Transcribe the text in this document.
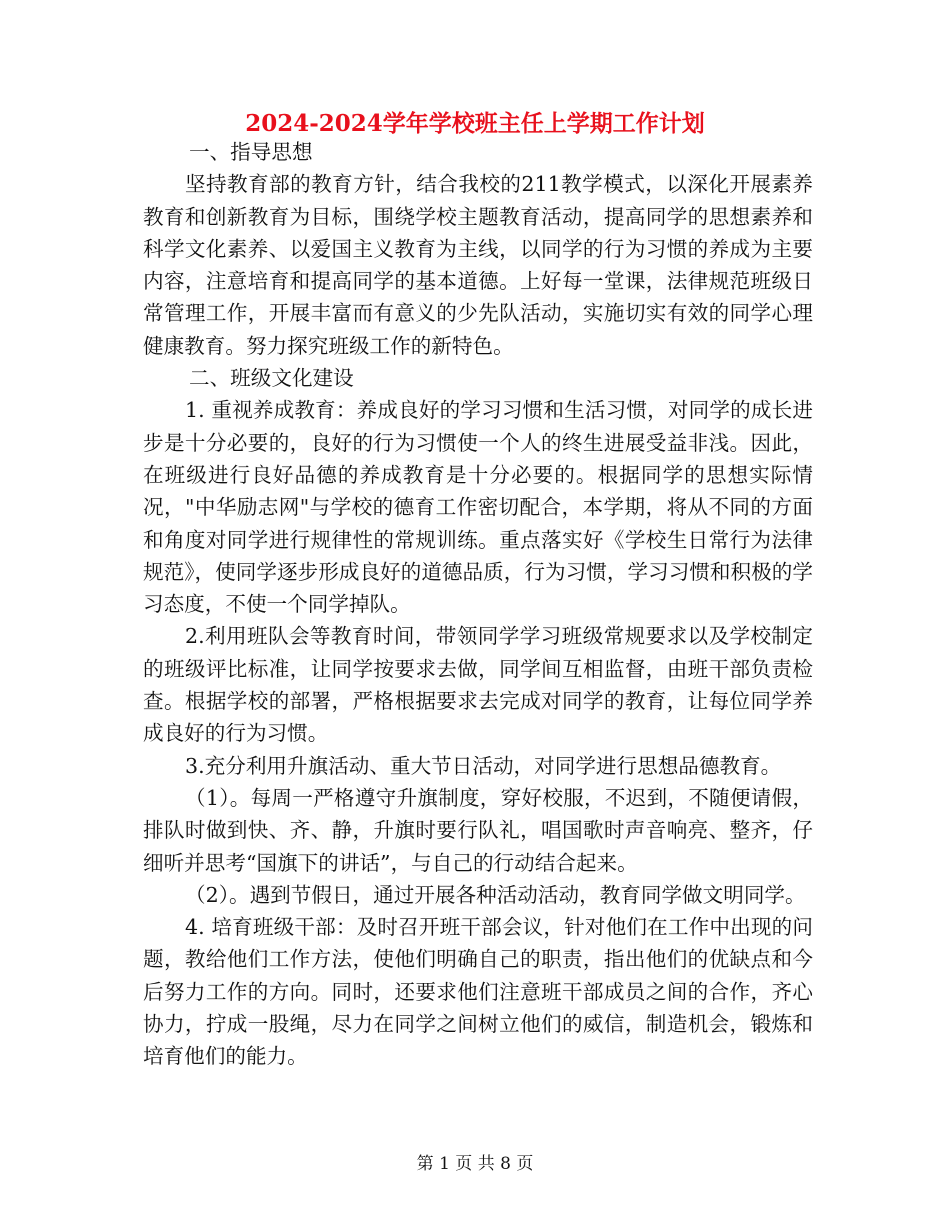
2024-2024学年学校班主任上学期工作计划

一、指导思想

坚持教育部的教育方针，结合我校的211教学模式，以深化开展素养教育和创新教育为目标，围绕学校主题教育活动，提高同学的思想素养和科学文化素养、以爱国主义教育为主线，以同学的行为习惯的养成为主要内容，注意培育和提高同学的基本道德。上好每一堂课，法律规范班级日常管理工作，开展丰富而有意义的少先队活动，实施切实有效的同学心理健康教育。努力探究班级工作的新特色。

二、班级文化建设

1. 重视养成教育：养成良好的学习习惯和生活习惯，对同学的成长进步是十分必要的，良好的行为习惯使一个人的终生进展受益非浅。因此，在班级进行良好品德的养成教育是十分必要的。根据同学的思想实际情况，"中华励志网"与学校的德育工作密切配合，本学期，将从不同的方面和角度对同学进行规律性的常规训练。重点落实好《学校生日常行为法律规范》，使同学逐步形成良好的道德品质，行为习惯，学习习惯和积极的学习态度，不使一个同学掉队。

2.利用班队会等教育时间，带领同学学习班级常规要求以及学校制定的班级评比标准，让同学按要求去做，同学间互相监督，由班干部负责检查。根据学校的部署，严格根据要求去完成对同学的教育，让每位同学养成良好的行为习惯。

3.充分利用升旗活动、重大节日活动，对同学进行思想品德教育。

（1）。每周一严格遵守升旗制度，穿好校服，不迟到，不随便请假，排队时做到快、齐、静，升旗时要行队礼，唱国歌时声音响亮、整齐，仔细听并思考“国旗下的讲话”，与自己的行动结合起来。

（2）。遇到节假日，通过开展各种活动活动，教育同学做文明同学。

4. 培育班级干部：及时召开班干部会议，针对他们在工作中出现的问题，教给他们工作方法，使他们明确自己的职责，指出他们的优缺点和今后努力工作的方向。同时，还要求他们注意班干部成员之间的合作，齐心协力，拧成一股绳，尽力在同学之间树立他们的威信，制造机会，锻炼和培育他们的能力。

第 1 页 共 8 页
